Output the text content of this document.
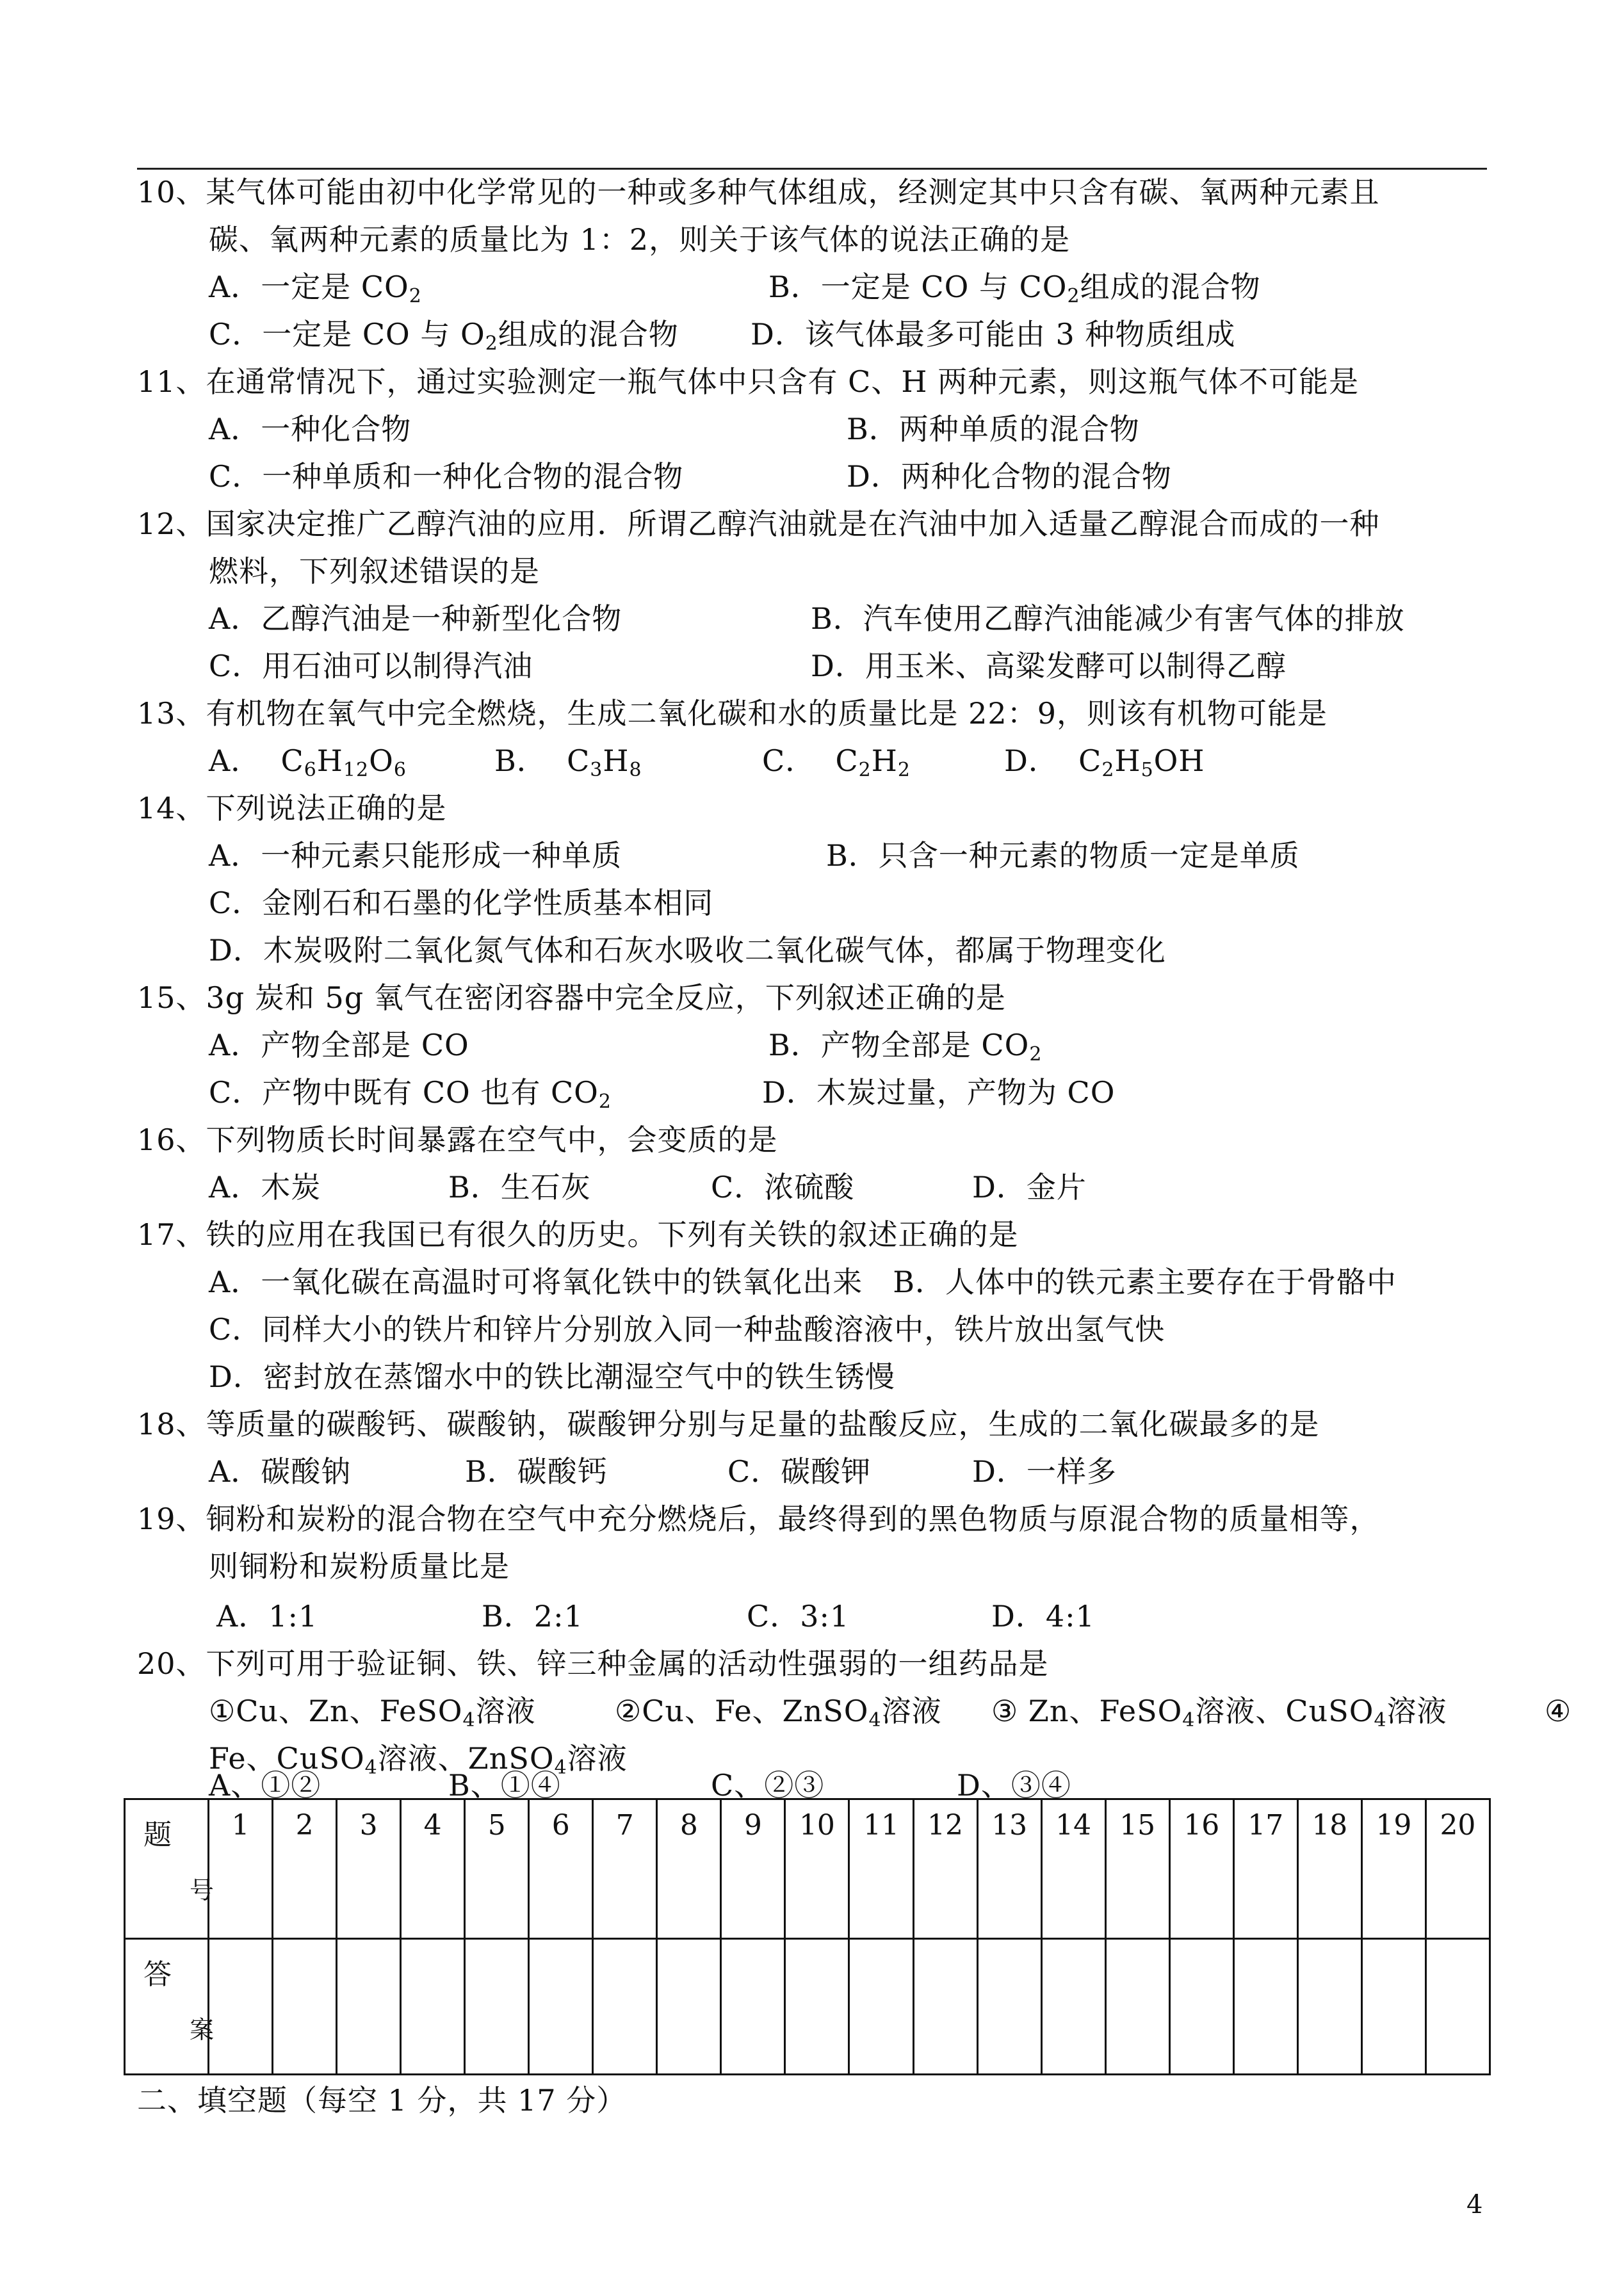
10、某气体可能由初中化学常见的一种或多种气体组成，经测定其中只含有碳、氧两种元素且
碳、氧两种元素的质量比为 1：2，则关于该气体的说法正确的是
A．一定是 $CO_2$	B．一定是 CO 与 $CO_2$组成的混合物
C．一定是 CO 与 $O_2$组成的混合物 D．该气体最多可能由 3 种物质组成
11、在通常情况下，通过实验测定一瓶气体中只含有 C、H 两种元素，则这瓶气体不可能是
A．一种化合物	B．两种单质的混合物
C．一种单质和一种化合物的混合物	D．两种化合物的混合物
12、国家决定推广乙醇汽油的应用．所谓乙醇汽油就是在汽油中加入适量乙醇混合而成的一种
燃料，下列叙述错误的是
A．乙醇汽油是一种新型化合物	B．汽车使用乙醇汽油能减少有害气体的排放
C．用石油可以制得汽油	D．用玉米、高粱发酵可以制得乙醇
13、有机物在氧气中完全燃烧，生成二氧化碳和水的质量比是 22：9，则该有机物可能是
A． $C_6H_{12}O_6$	B． $C_3H_8$	C． $C_2H_2$	D． $C_2H_5OH$
14、下列说法正确的是
A．一种元素只能形成一种单质	B．只含一种元素的物质一定是单质
C．金刚石和石墨的化学性质基本相同
D．木炭吸附二氧化氮气体和石灰水吸收二氧化碳气体，都属于物理变化
15、3g 炭和 5g 氧气在密闭容器中完全反应，下列叙述正确的是
A．产物全部是 CO	B．产物全部是 $CO_2$
C．产物中既有 CO 也有 $CO_2$	D．木炭过量，产物为 CO
16、下列物质长时间暴露在空气中，会变质的是
A．木炭	B．生石灰	C．浓硫酸	D．金片
17、铁的应用在我国已有很久的历史。下列有关铁的叙述正确的是
A．一氧化碳在高温时可将氧化铁中的铁氧化出来　B．人体中的铁元素主要存在于骨骼中
C．同样大小的铁片和锌片分别放入同一种盐酸溶液中，铁片放出氢气快
D．密封放在蒸馏水中的铁比潮湿空气中的铁生锈慢
18、等质量的碳酸钙、碳酸钠，碳酸钾分别与足量的盐酸反应，生成的二氧化碳最多的是
A．碳酸钠	B．碳酸钙	C．碳酸钾	D．一样多
19、铜粉和炭粉的混合物在空气中充分燃烧后，最终得到的黑色物质与原混合物的质量相等，
则铜粉和炭粉质量比是
A．1:1	B．2:1	C．3:1	D．4:1
20、下列可用于验证铜、铁、锌三种金属的活动性强弱的一组药品是
①Cu、Zn、FeSO$_4$溶液	②Cu、Fe、ZnSO$_4$溶液 ③ Zn、FeSO$_4$溶液、CuSO$_4$溶液	④
Fe、CuSO$_4$溶液、ZnSO$_4$溶液
A、①②	B、①④	C、②③	D、③④
题
号	1	2	3	4	5	6	7	8	9	10	11	12	13	14	15	16	17	18	19	20

答
案																				

二、填空题（每空 1 分，共 17 分）
4
